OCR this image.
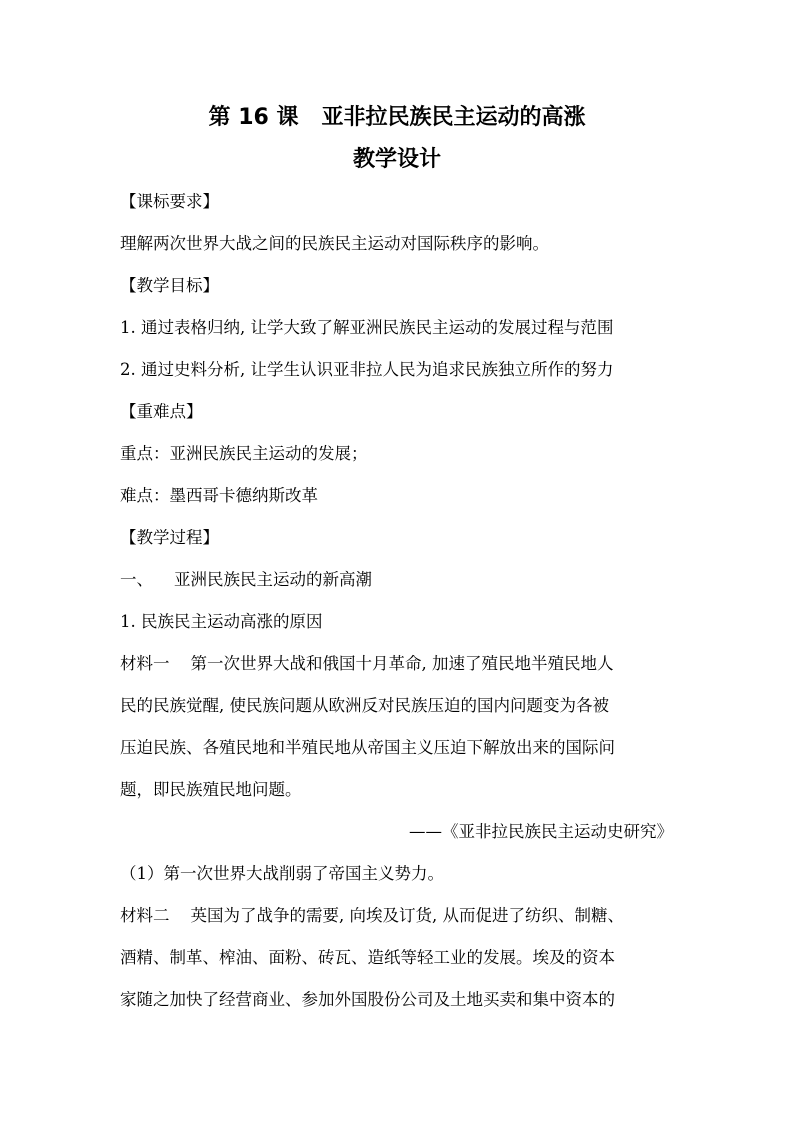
第 16 课   亚非拉民族民主运动的高涨
教学设计
【课标要求】
理解两次世界大战之间的民族民主运动对国际秩序的影响。
【教学目标】
1. 通过表格归纳, 让学大致了解亚洲民族民主运动的发展过程与范围
2. 通过史料分析, 让学生认识亚非拉人民为追求民族独立所作的努力
【重难点】
重点：亚洲民族民主运动的发展；
难点：墨西哥卡德纳斯改革
【教学过程】
一、    亚洲民族民主运动的新高潮
1. 民族民主运动高涨的原因
材料一    第一次世界大战和俄国十月革命, 加速了殖民地半殖民地人
民的民族觉醒, 使民族问题从欧洲反对民族压迫的国内问题变为各被
压迫民族、各殖民地和半殖民地从帝国主义压迫下解放出来的国际问
题，即民族殖民地问题。
——《亚非拉民族民主运动史研究》
（1）第一次世界大战削弱了帝国主义势力。
材料二    英国为了战争的需要, 向埃及订货, 从而促进了纺织、制糖、
酒精、制革、榨油、面粉、砖瓦、造纸等轻工业的发展。埃及的资本
家随之加快了经营商业、参加外国股份公司及土地买卖和集中资本的
